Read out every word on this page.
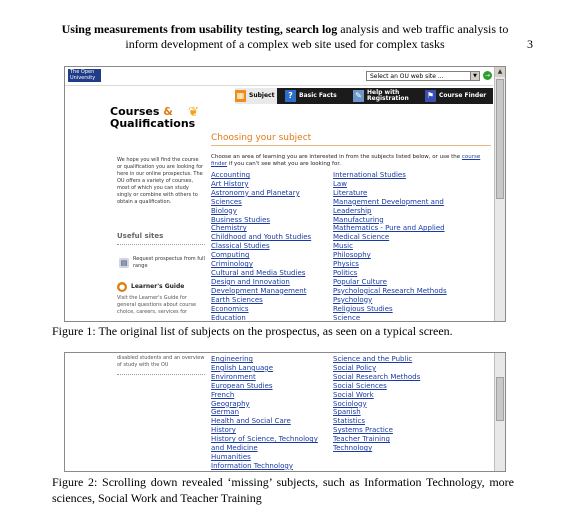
Using measurements from usability testing, search log analysis and web traffic analysis to
inform development of a complex web site used for complex tasks	3
The Open
University	Select an OU web site ...	▼	→
▦ Subject	? Basic Facts ✎ Help with
Registration ⚑ Course Finder
Courses &
Qualifications
❦
Choosing your subject
We hope you will find the course or qualification you are looking for here in our online prospectus. The OU offers a variety of courses, most of which you can study singly or combine with others to obtain a qualification.
Useful sites
▤	Request prospectus from full range
● Learner's Guide
Visit the Learner's Guide for general questions about course choice, careers, services for
Choose an area of learning you are interested in from the subjects listed below, or use the course finder if you can't see what you are looking for.
Accounting
Art History
Astronomy and Planetary
Sciences
Biology
Business Studies
Chemistry
Childhood and Youth Studies
Classical Studies
Computing
Criminology
Cultural and Media Studies
Design and Innovation
Development Management
Earth Sciences
Economics
Education
International Studies
Law
Literature
Management Development and
Leadership
Manufacturing
Mathematics - Pure and Applied
Medical Science
Music
Philosophy
Physics
Politics
Popular Culture
Psychological Research Methods
Psychology
Religious Studies
Science
▲
Figure 1: The original list of subjects on the prospectus, as seen on a typical screen.
disabled students and an overview of study with the OU
Engineering
English Language
Environment
European Studies
French
Geography
German
Health and Social Care
History
History of Science, Technology
and Medicine
Humanities
Information Technology
Science and the Public
Social Policy
Social Research Methods
Social Sciences
Social Work
Sociology
Spanish
Statistics
Systems Practice
Teacher Training
Technology
Figure 2: Scrolling down revealed ‘missing’ subjects, such as Information Technology, more sciences, Social Work and Teacher Training
